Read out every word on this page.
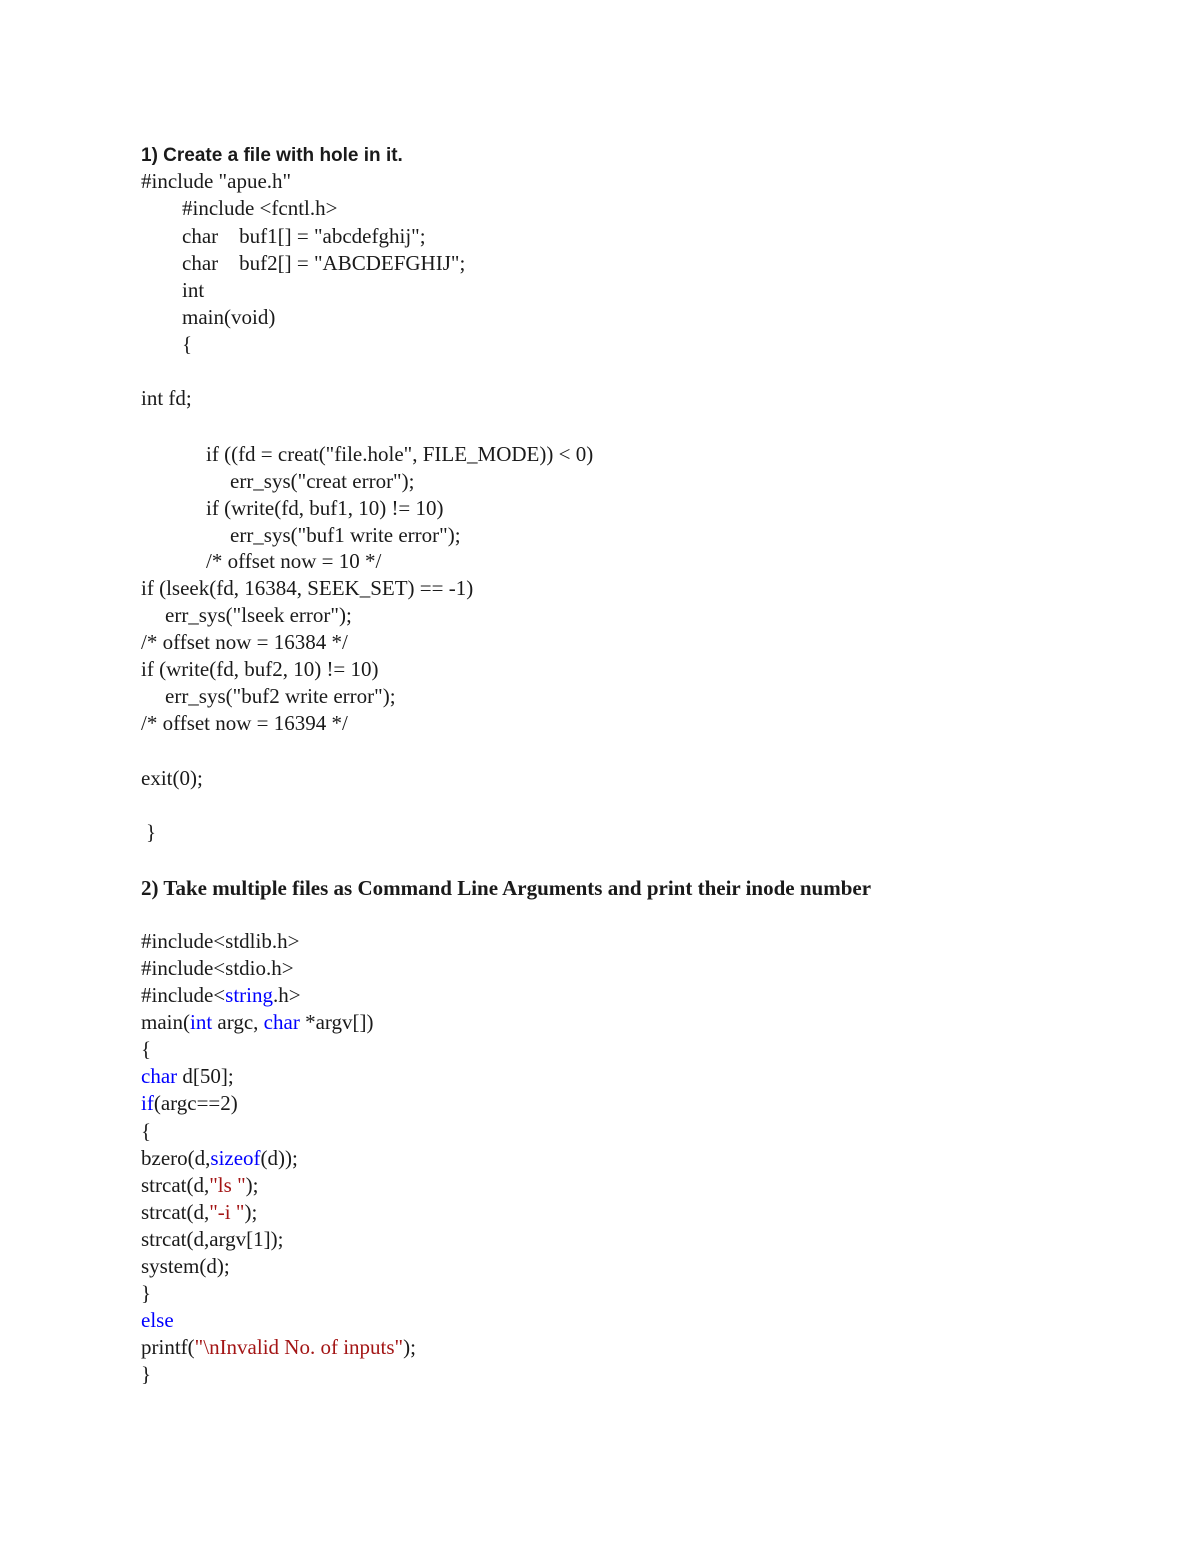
1) Create a file with hole in it.
#include "apue.h"
#include <fcntl.h>
char    buf1[] = "abcdefghij";
char    buf2[] = "ABCDEFGHIJ";
int
main(void)
{
int fd;
if ((fd = creat("file.hole", FILE_MODE)) < 0)
err_sys("creat error");
if (write(fd, buf1, 10) != 10)
err_sys("buf1 write error");
/* offset now = 10 */
if (lseek(fd, 16384, SEEK_SET) == -1)
err_sys("lseek error");
/* offset now = 16384 */
if (write(fd, buf2, 10) != 10)
err_sys("buf2 write error");
/* offset now = 16394 */
exit(0);
}
2) Take multiple files as Command Line Arguments and print their inode number
#include<stdlib.h>
#include<stdio.h>
#include<string.h>
main(int argc, char *argv[])
{
char d[50];
if(argc==2)
{
bzero(d,sizeof(d));
strcat(d,"ls ");
strcat(d,"-i ");
strcat(d,argv[1]);
system(d);
}
else
printf("\nInvalid No. of inputs");
}
